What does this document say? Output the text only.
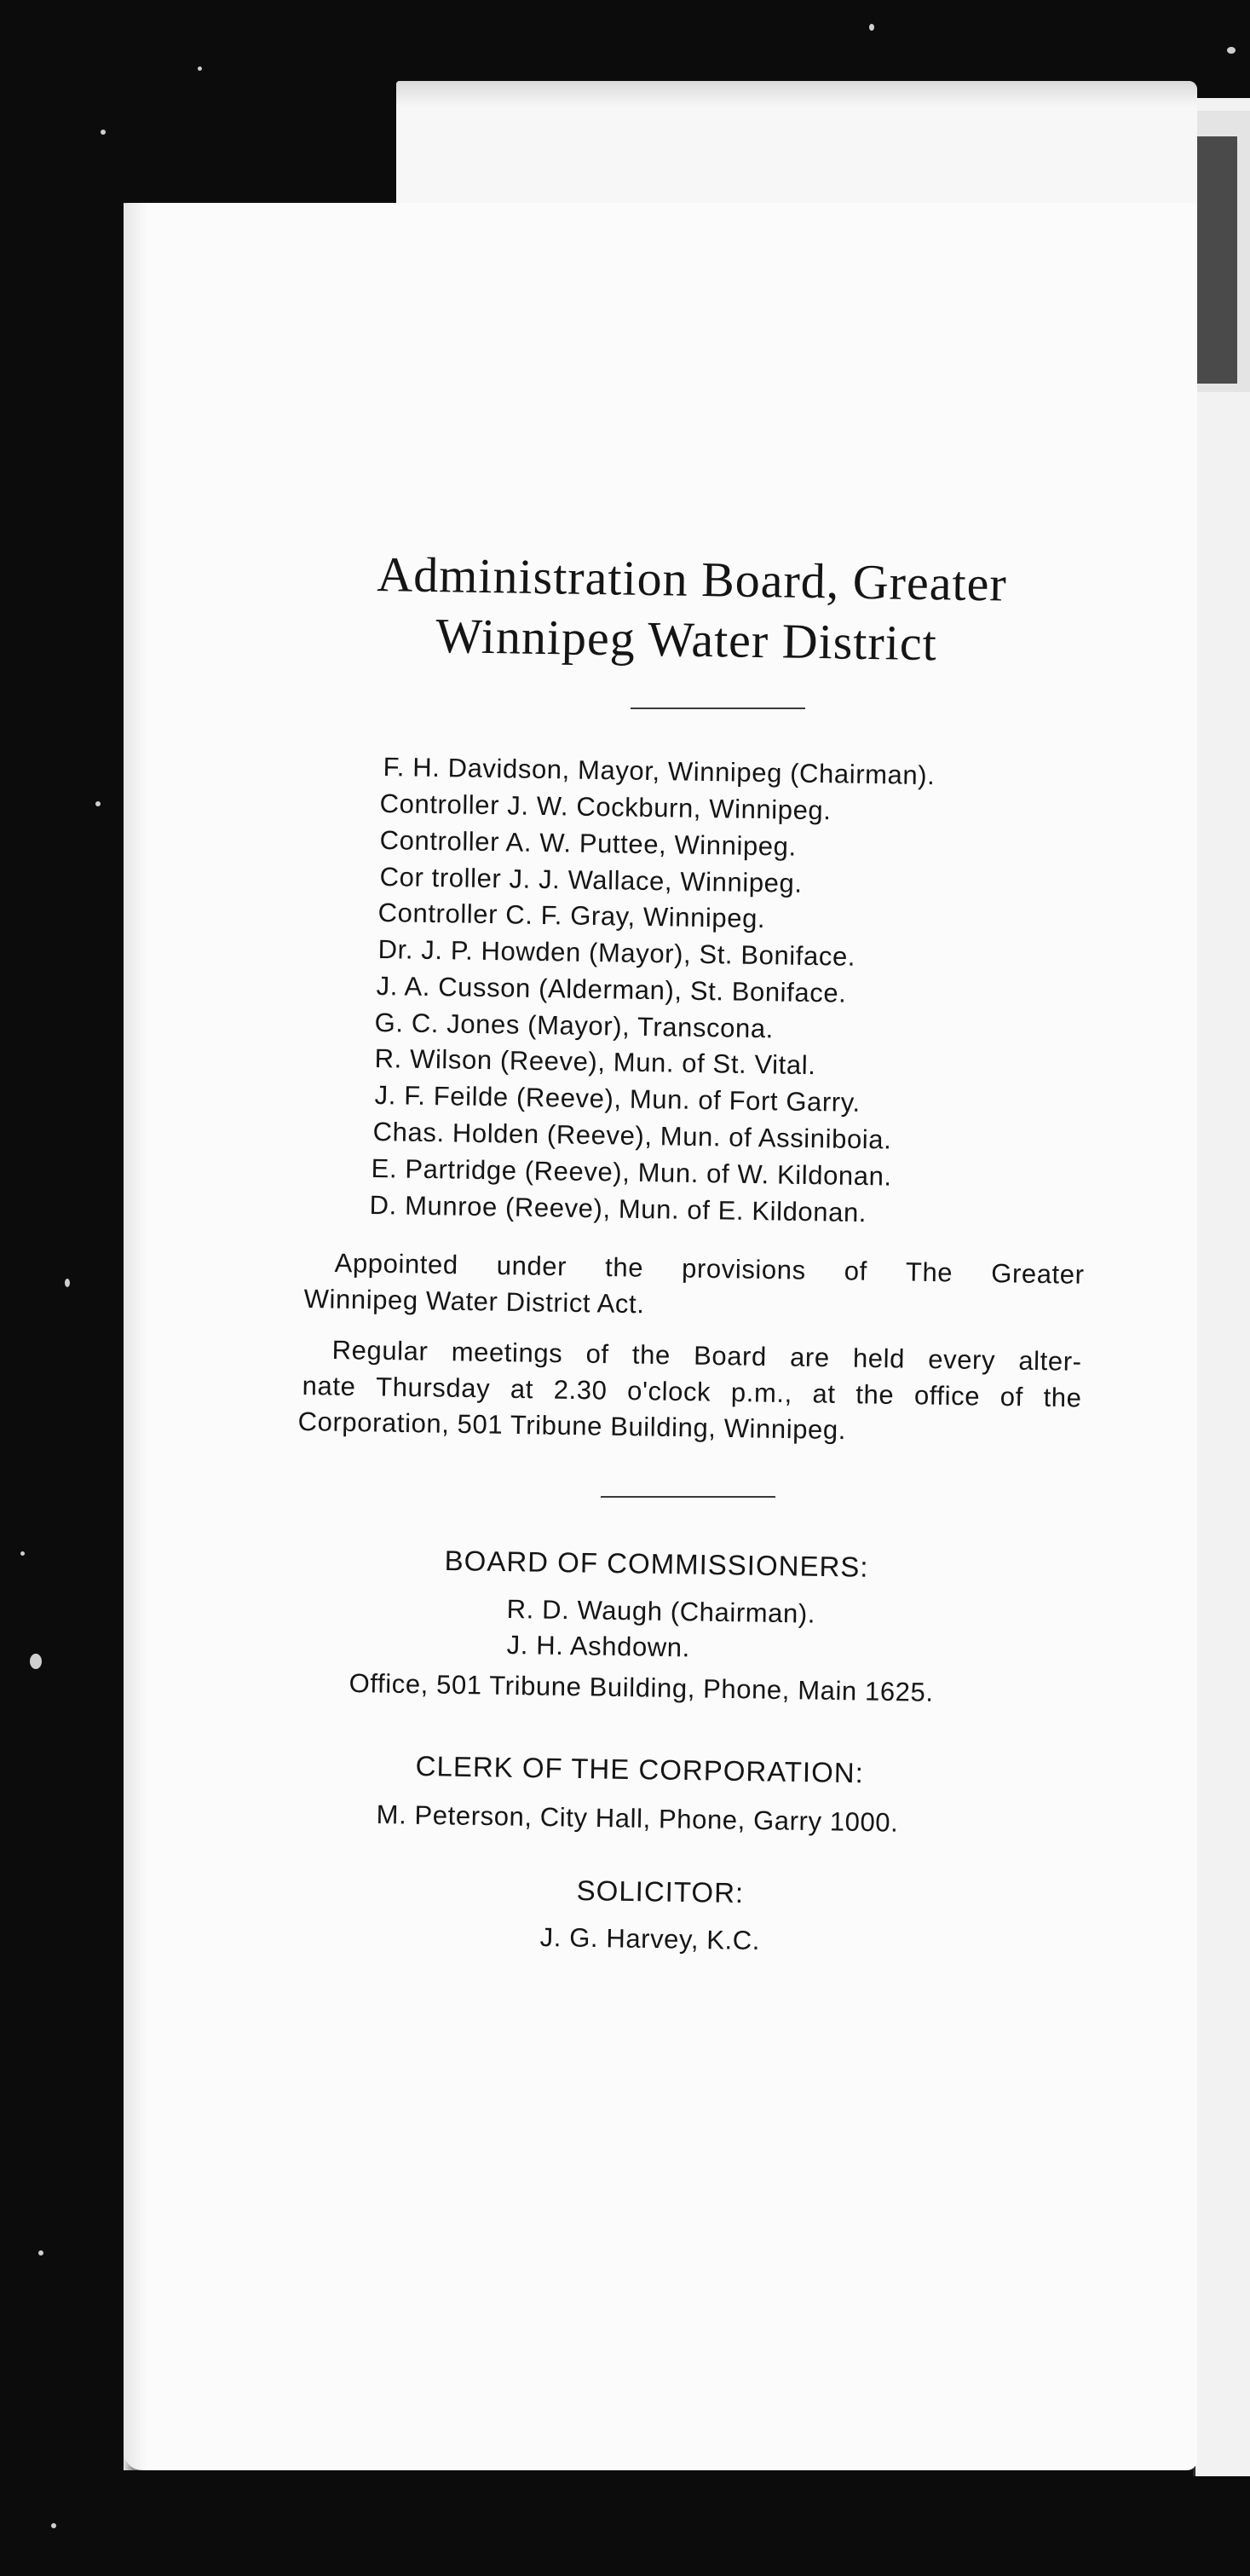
Administration Board, Greater
Winnipeg Water District
F. H. Davidson, Mayor, Winnipeg (Chairman).
Controller J. W. Cockburn, Winnipeg.
Controller A. W. Puttee, Winnipeg.
Cor troller J. J. Wallace, Winnipeg.
Controller C. F. Gray, Winnipeg.
Dr. J. P. Howden (Mayor), St. Boniface.
J. A. Cusson (Alderman), St. Boniface.
G. C. Jones (Mayor), Transcona.
R. Wilson (Reeve), Mun. of St. Vital.
J. F. Feilde (Reeve), Mun. of Fort Garry.
Chas. Holden (Reeve), Mun. of Assiniboia.
E. Partridge (Reeve), Mun. of W. Kildonan.
D. Munroe (Reeve), Mun. of E. Kildonan.
Appointed under the provisions of The Greater
Winnipeg Water District Act.
Regular meetings of the Board are held every alter-
nate Thursday at 2.30 o'clock p.m., at the office of the
Corporation, 501 Tribune Building, Winnipeg.
BOARD OF COMMISSIONERS:
R. D. Waugh (Chairman).
J. H. Ashdown.
Office, 501 Tribune Building, Phone, Main 1625.
CLERK OF THE CORPORATION:
M. Peterson, City Hall, Phone, Garry 1000.
SOLICITOR:
J. G. Harvey, K.C.
